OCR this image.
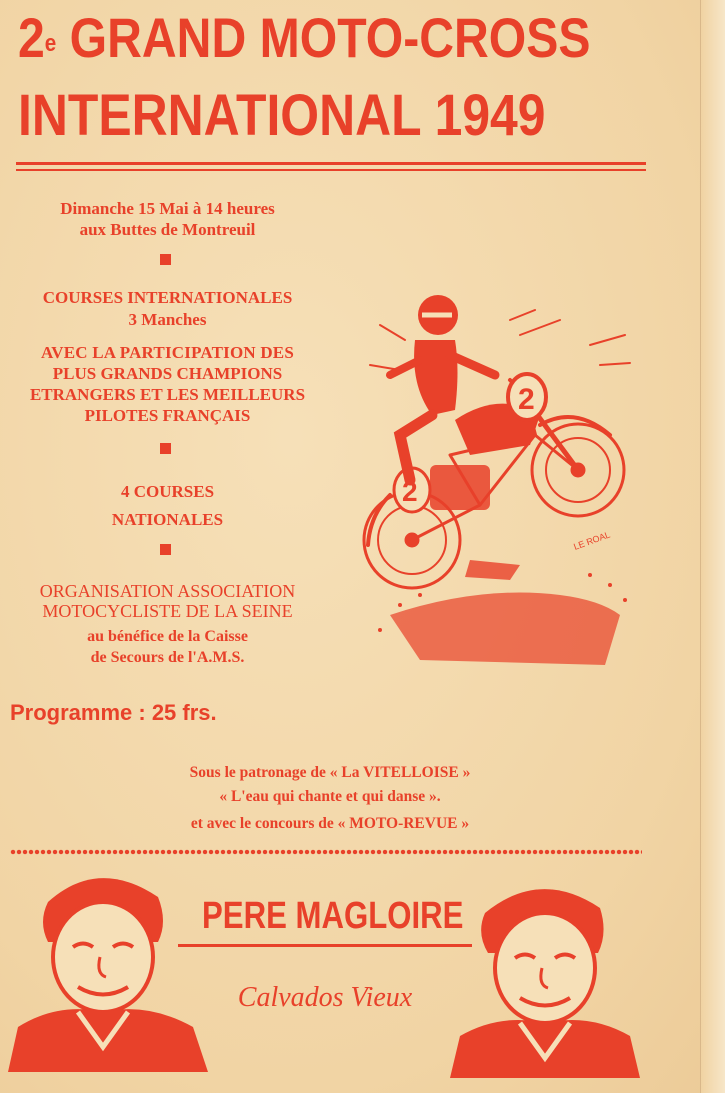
2e GRAND MOTO-CROSS
INTERNATIONAL 1949
Dimanche 15 Mai à 14 heures
aux Buttes de Montreuil
COURSES INTERNATIONALES
3 Manches
AVEC LA PARTICIPATION DES
PLUS GRANDS CHAMPIONS
ETRANGERS ET LES MEILLEURS
PILOTES FRANÇAIS
4 COURSES
NATIONALES
ORGANISATION ASSOCIATION
MOTOCYCLISTE DE LA SEINE
au bénéfice de la Caisse
de Secours de l'A.M.S.
Programme : 25 frs.
Sous le patronage de « La VITELLOISE »
« L'eau qui chante et qui danse ».
et avec le concours de « MOTO-REVUE »
2
2
LE ROAL
PERE MAGLOIRE
Calvados Vieux
